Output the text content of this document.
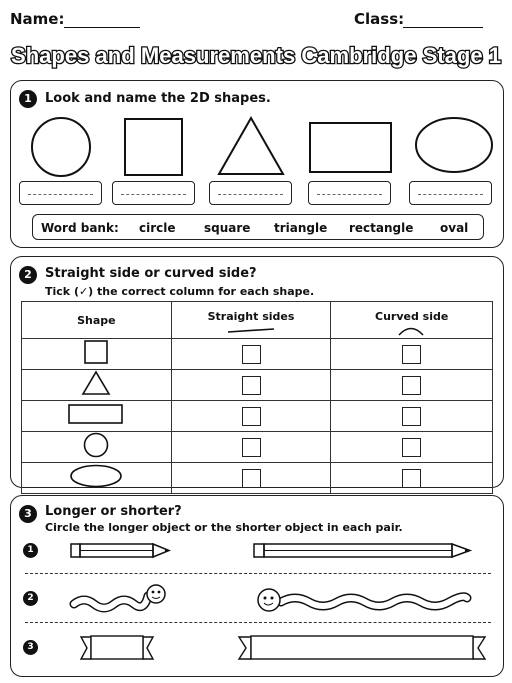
Name:	Class:
Shapes and Measurements Cambridge Stage 1
1	Look and name the 2D shapes.
Word bank: circle square triangle rectangle oval
2	Straight side or curved side?
Tick (✓) the correct column for each shape.
Shape	Straight sides	Curved side

3	Longer or shorter?
Circle the longer object or the shorter object in each pair.
1
2
3
